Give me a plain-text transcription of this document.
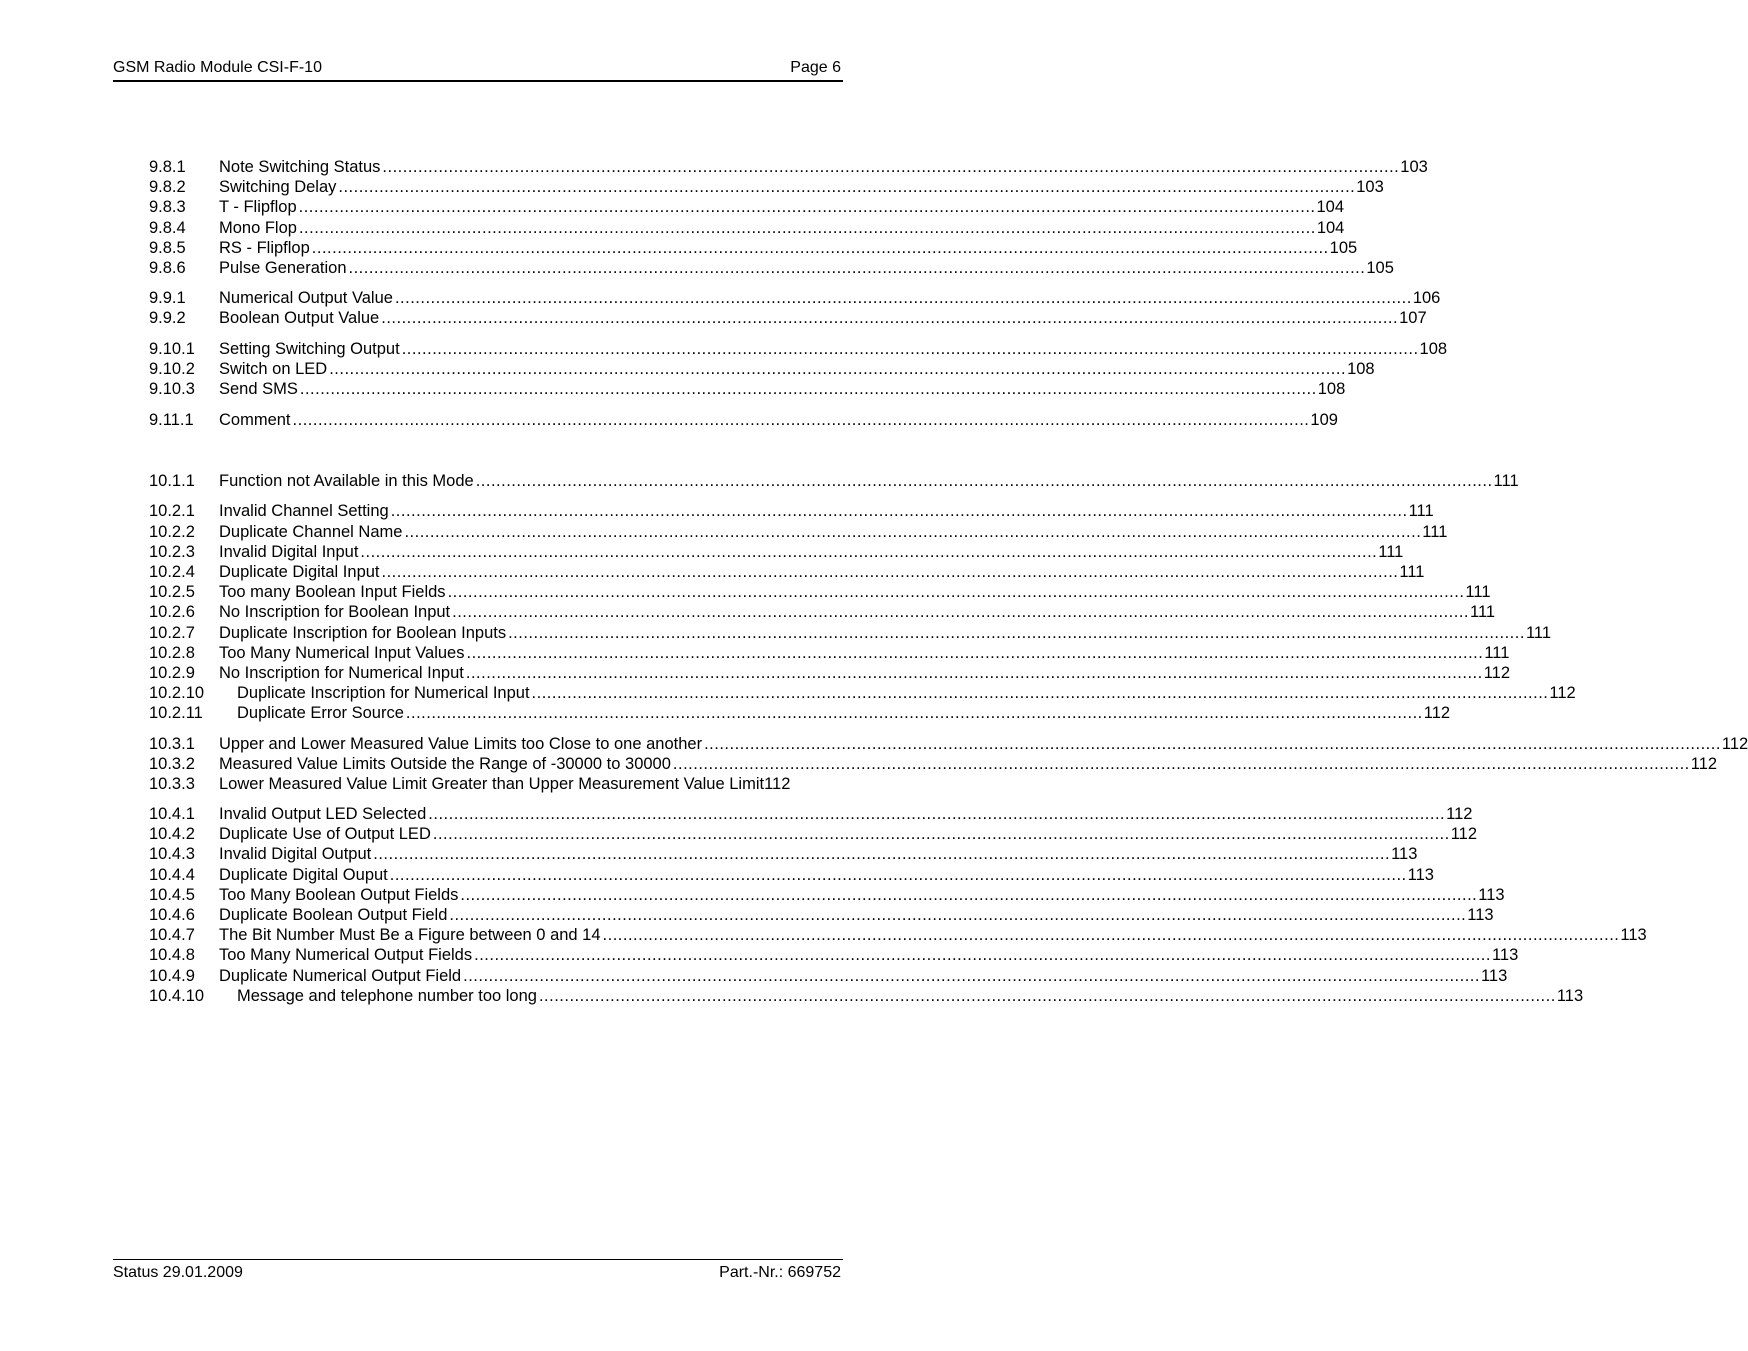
GSM Radio Module CSI-F-10	Page 6
9.8.1	Note Switching Status .....	103
9.8.2	Switching Delay .....	103
9.8.3	T - Flipflop .....	104
9.8.4	Mono Flop .....	104
9.8.5	RS - Flipflop .....	105
9.8.6	Pulse Generation .....	105
9.9.1	Numerical Output Value .....	106
9.9.2	Boolean Output Value .....	107
9.10.1	Setting Switching Output .....	108
9.10.2	Switch on LED .....	108
9.10.3	Send SMS .....	108
9.11.1	Comment .....	109
10.1.1	Function not Available in this Mode .....	111
10.2.1	Invalid Channel Setting .....	111
10.2.2	Duplicate Channel Name .....	111
10.2.3	Invalid Digital Input .....	111
10.2.4	Duplicate Digital Input .....	111
10.2.5	Too many Boolean Input Fields .....	111
10.2.6	No Inscription for Boolean Input .....	111
10.2.7	Duplicate Inscription for Boolean Inputs .....	111
10.2.8	Too Many Numerical Input Values .....	111
10.2.9	No Inscription for Numerical Input .....	112
10.2.10	Duplicate Inscription for Numerical Input .....	112
10.2.11	Duplicate Error Source .....	112
10.3.1	Upper and Lower Measured Value Limits too Close to one another .....	112
10.3.2	Measured Value Limits Outside the Range of -30000 to 30000 .....	112
10.3.3	Lower Measured Value Limit Greater than Upper Measurement Value Limit 112
10.4.1	Invalid Output LED Selected .....	112
10.4.2	Duplicate Use of Output LED .....	112
10.4.3	Invalid Digital Output .....	113
10.4.4	Duplicate Digital Ouput .....	113
10.4.5	Too Many Boolean Output Fields .....	113
10.4.6	Duplicate Boolean Output Field .....	113
10.4.7	The Bit Number Must Be a Figure between 0 and 14 .....	113
10.4.8	Too Many Numerical Output Fields .....	113
10.4.9	Duplicate Numerical Output Field .....	113
10.4.10	Message and telephone number too long .....	113
Status 29.01.2009	Part.-Nr.: 669752
